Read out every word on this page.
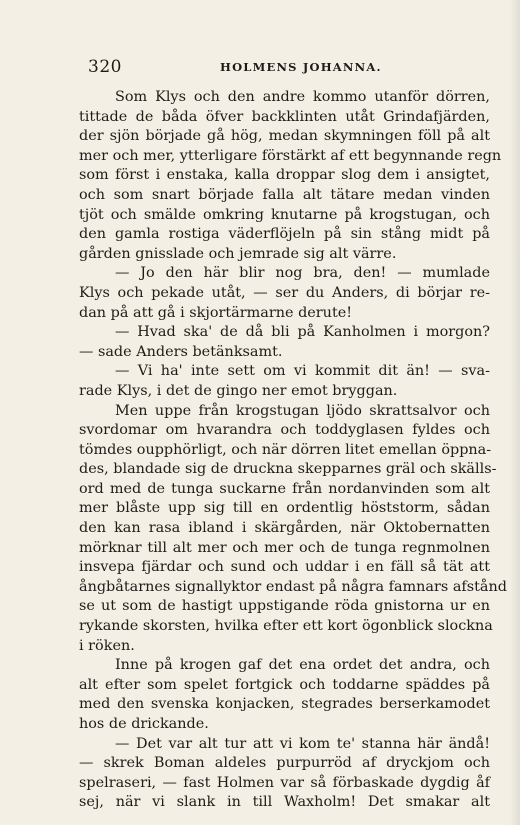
320	HOLMENS JOHANNA.
Som Klys och den andre kommo utanför dörren,
tittade de båda öfver backklinten utåt Grindafjärden,
der sjön började gå hög, medan skymningen föll på alt
mer och mer, ytterligare förstärkt af ett begynnande regn
som först i enstaka, kalla droppar slog dem i ansigtet,
och som snart började falla alt tätare medan vinden
tjöt och smälde omkring knutarne på krogstugan, och
den gamla rostiga väderflöjeln på sin stång midt på
gården gnisslade och jemrade sig alt värre.
— Jo den här blir nog bra, den! — mumlade
Klys och pekade utåt, — ser du Anders, di börjar re-
dan på att gå i skjortärmarne derute!
— Hvad ska' de då bli på Kanholmen i morgon?
— sade Anders betänksamt.
— Vi ha' inte sett om vi kommit dit än! — sva-
rade Klys, i det de gingo ner emot bryggan.
Men uppe från krogstugan ljödo skrattsalvor och
svordomar om hvarandra och toddyglasen fyldes och
tömdes oupphörligt, och när dörren litet emellan öppna-
des, blandade sig de druckna skepparnes gräl och skälls-
ord med de tunga suckarne från nordanvinden som alt
mer blåste upp sig till en ordentlig höststorm, sådan
den kan rasa ibland i skärgården, när Oktobernatten
mörknar till alt mer och mer och de tunga regnmolnen
insvepa fjärdar och sund och uddar i en fäll så tät att
ångbåtarnes signallyktor endast på några famnars afstånd
se ut som de hastigt uppstigande röda gnistorna ur en
rykande skorsten, hvilka efter ett kort ögonblick slockna
i röken.
Inne på krogen gaf det ena ordet det andra, och
alt efter som spelet fortgick och toddarne späddes på
med den svenska konjacken, stegrades berserkamodet
hos de drickande.
— Det var alt tur att vi kom te' stanna här ändå!
— skrek Boman aldeles purpurröd af dryckjom och
spelraseri, — fast Holmen var så förbaskade dygdig åf
sej, när vi slank in till Waxholm! Det smakar alt
